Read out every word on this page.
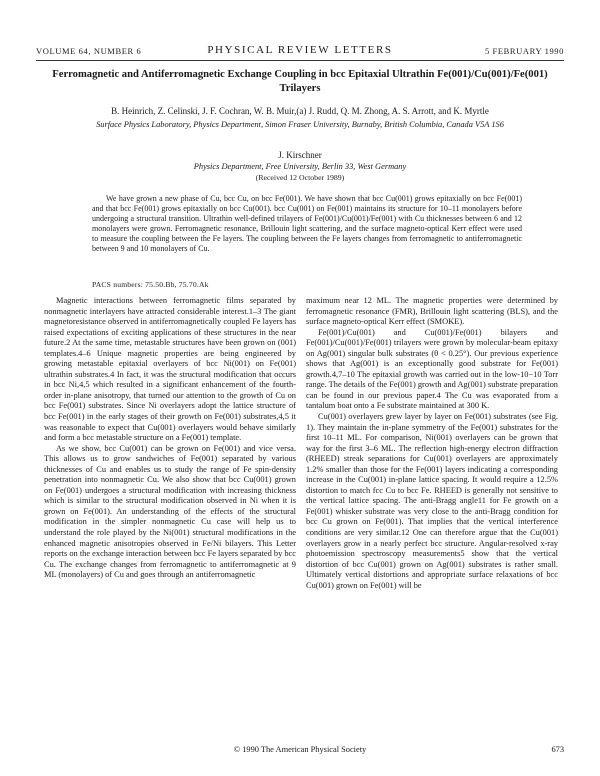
VOLUME 64, NUMBER 6	PHYSICAL REVIEW LETTERS	5 FEBRUARY 1990
Ferromagnetic and Antiferromagnetic Exchange Coupling in bcc Epitaxial Ultrathin Fe(001)/Cu(001)/Fe(001) Trilayers
B. Heinrich, Z. Celinski, J. F. Cochran, W. B. Muir,(a) J. Rudd, Q. M. Zhong, A. S. Arrott, and K. Myrtle
Surface Physics Laboratory, Physics Department, Simon Fraser University, Burnaby, British Columbia, Canada V5A 1S6
J. Kirschner
Physics Department, Free University, Berlin 33, West Germany
(Received 12 October 1989)
We have grown a new phase of Cu, bcc Cu, on bcc Fe(001). We have shown that bcc Cu(001) grows epitaxially on bcc Fe(001) and that bcc Fe(001) grows epitaxially on bcc Cu(001). bcc Cu(001) on Fe(001) maintains its structure for 10–11 monolayers before undergoing a structural transition. Ultrathin well-defined trilayers of Fe(001)/Cu(001)/Fe(001) with Cu thicknesses between 6 and 12 monolayers were grown. Ferromagnetic resonance, Brillouin light scattering, and the surface magneto-optical Kerr effect were used to measure the coupling between the Fe layers. The coupling between the Fe layers changes from ferromagnetic to antiferromagnetic between 9 and 10 monolayers of Cu.
PACS numbers: 75.50.Bb, 75.70.Ak

Magnetic interactions between ferromagnetic films separated by nonmagnetic interlayers have attracted considerable interest.1–3 The giant magnetoresistance observed in antiferromagnetically coupled Fe layers has raised expectations of exciting applications of these structures in the near future.2 At the same time, metastable structures have been grown on (001) templates.4–6 Unique magnetic properties are being engineered by growing metastable epitaxial overlayers of bcc Ni(001) on Fe(001) ultrathin substrates.4 In fact, it was the structural modification that occurs in bcc Ni,4,5 which resulted in a significant enhancement of the fourth-order in-plane anisotropy, that turned our attention to the growth of Cu on bcc Fe(001) substrates. Since Ni overlayers adopt the lattice structure of bcc Fe(001) in the early stages of their growth on Fe(001) substrates,4,5 it was reasonable to expect that Cu(001) overlayers would behave similarly and form a bcc metastable structure on a Fe(001) template.

As we show, bcc Cu(001) can be grown on Fe(001) and vice versa. This allows us to grow sandwiches of Fe(001) separated by various thicknesses of Cu and enables us to study the range of Fe spin-density penetration into nonmagnetic Cu. We also show that bcc Cu(001) grown on Fe(001) undergoes a structural modification with increasing thickness which is similar to the structural modification observed in Ni when it is grown on Fe(001). An understanding of the effects of the structural modification in the simpler nonmagnetic Cu case will help us to understand the role played by the Ni(001) structural modifications in the enhanced magnetic anisotropies observed in Fe/Ni bilayers. This Letter reports on the exchange interaction between bcc Fe layers separated by bcc Cu. The exchange changes from ferromagnetic to antiferromagnetic at 9 ML (monolayers) of Cu and goes through an antiferromagnetic

maximum near 12 ML. The magnetic properties were determined by ferromagnetic resonance (FMR), Brillouin light scattering (BLS), and the surface magneto-optical Kerr effect (SMOKE).

Fe(001)/Cu(001) and Cu(001)/Fe(001) bilayers and Fe(001)/Cu(001)/Fe(001) trilayers were grown by molecular-beam epitaxy on Ag(001) singular bulk substrates (θ < 0.25°). Our previous experience shows that Ag(001) is an exceptionally good substrate for Fe(001) growth.4,7–10 The epitaxial growth was carried out in the low-10−10 Torr range. The details of the Fe(001) growth and Ag(001) substrate preparation can be found in our previous paper.4 The Cu was evaporated from a tantalum boat onto a Fe substrate maintained at 300 K.

Cu(001) overlayers grew layer by layer on Fe(001) substrates (see Fig. 1). They maintain the in-plane symmetry of the Fe(001) substrates for the first 10–11 ML. For comparison, Ni(001) overlayers can be grown that way for the first 3–6 ML. The reflection high-energy electron diffraction (RHEED) streak separations for Cu(001) overlayers are approximately 1.2% smaller than those for the Fe(001) layers indicating a corresponding increase in the Cu(001) in-plane lattice spacing. It would require a 12.5% distortion to match fcc Cu to bcc Fe. RHEED is generally not sensitive to the vertical lattice spacing. The anti-Bragg angle11 for Fe growth on a Fe(001) whisker substrate was very close to the anti-Bragg condition for bcc Cu grown on Fe(001). That implies that the vertical interference conditions are very similar.12 One can therefore argue that the Cu(001) overlayers grow in a nearly perfect bcc structure. Angular-resolved x-ray photoemission spectroscopy measurements5 show that the vertical distortion of bcc Cu(001) grown on Ag(001) substrates is rather small. Ultimately vertical distortions and appropriate surface relaxations of bcc Cu(001) grown on Fe(001) will be

© 1990 The American Physical Society	673
